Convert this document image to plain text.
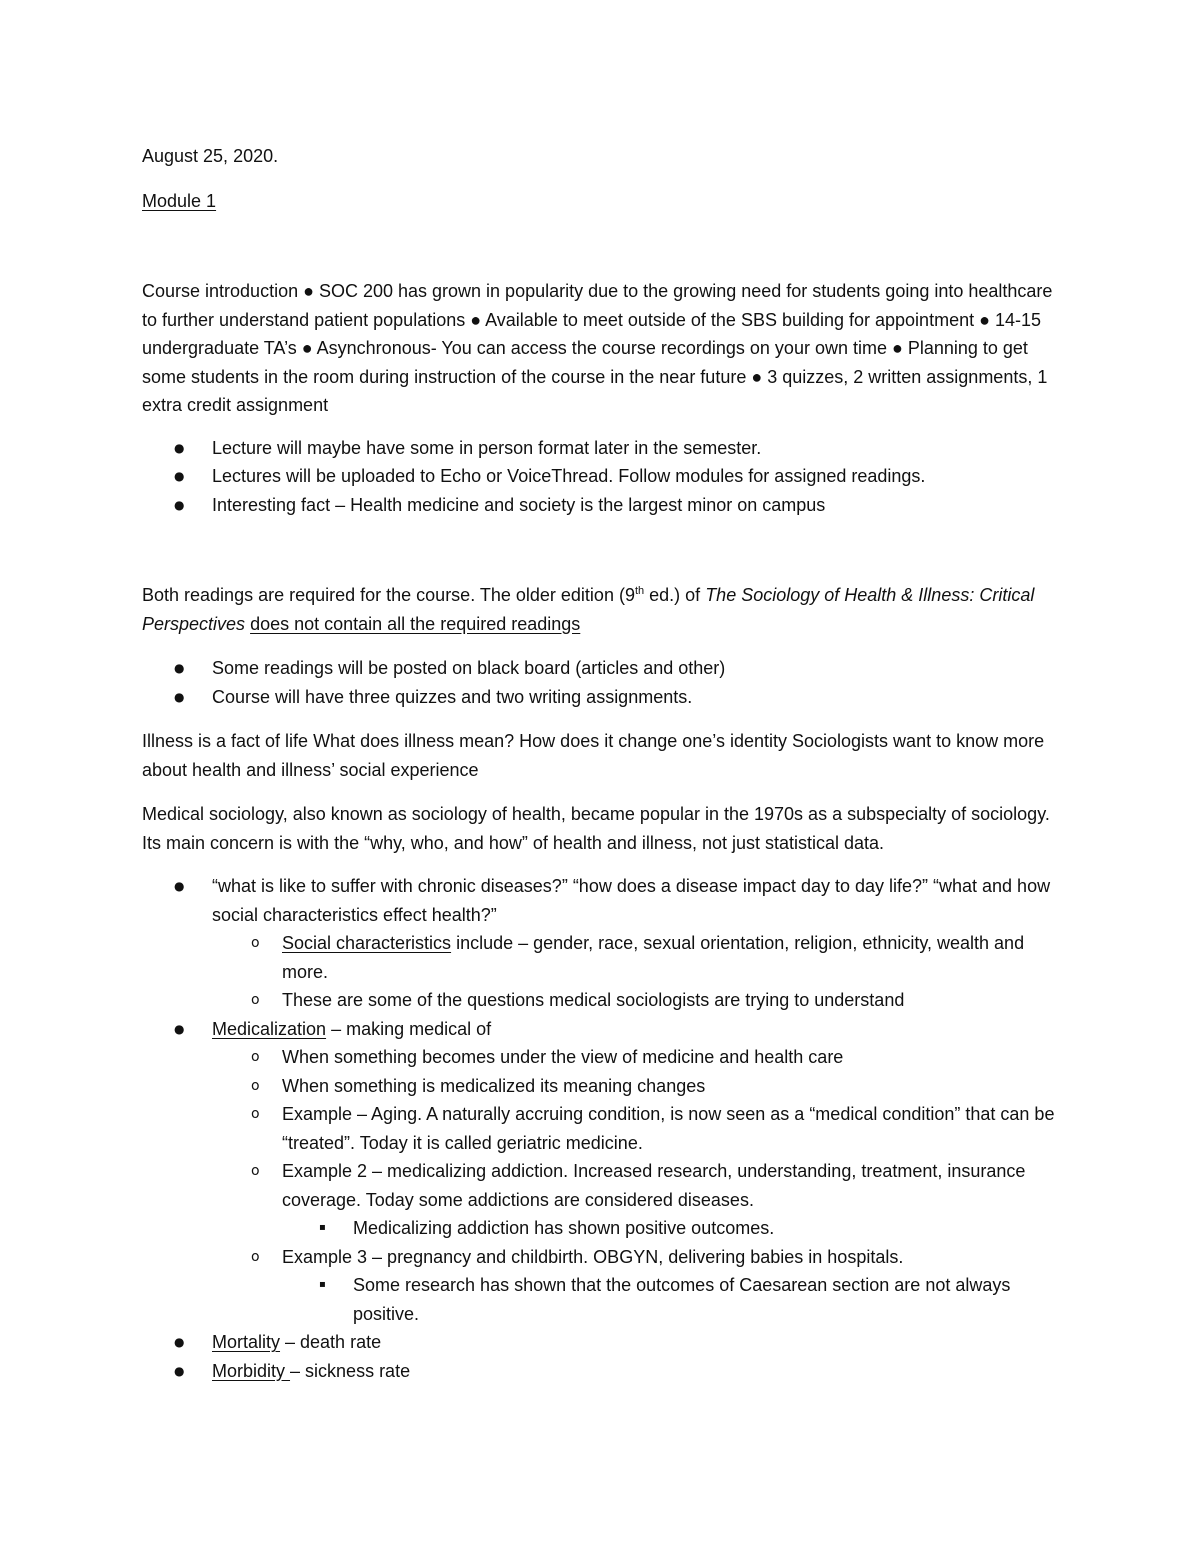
August 25, 2020.

Module 1

Course introduction ● SOC 200 has grown in popularity due to the growing need for students going into healthcare to further understand patient populations ● Available to meet outside of the SBS building for appointment ● 14-15 undergraduate TA’s ● Asynchronous- You can access the course recordings on your own time ● Planning to get some students in the room during instruction of the course in the near future ● 3 quizzes, 2 written assignments, 1 extra credit assignment

● Lecture will maybe have some in person format later in the semester.
● Lectures will be uploaded to Echo or VoiceThread. Follow modules for assigned readings.
● Interesting fact – Health medicine and society is the largest minor on campus

Both readings are required for the course. The older edition (9th ed.) of The Sociology of Health & Illness: Critical Perspectives does not contain all the required readings

● Some readings will be posted on black board (articles and other)
● Course will have three quizzes and two writing assignments.

Illness is a fact of life What does illness mean? How does it change one’s identity Sociologists want to know more about health and illness’ social experience

Medical sociology, also known as sociology of health, became popular in the 1970s as a subspecialty of sociology. Its main concern is with the “why, who, and how” of health and illness, not just statistical data.

● “what is like to suffer with chronic diseases?” “how does a disease impact day to day life?” “what and how social characteristics effect health?”
o Social characteristics include – gender, race, sexual orientation, religion, ethnicity, wealth and more.
o These are some of the questions medical sociologists are trying to understand
● Medicalization – making medical of
o When something becomes under the view of medicine and health care
o When something is medicalized its meaning changes
o Example – Aging. A naturally accruing condition, is now seen as a “medical condition” that can be “treated”. Today it is called geriatric medicine.
o Example 2 – medicalizing addiction. Increased research, understanding, treatment, insurance coverage. Today some addictions are considered diseases.
▪ Medicalizing addiction has shown positive outcomes.
o Example 3 – pregnancy and childbirth. OBGYN, delivering babies in hospitals.
▪ Some research has shown that the outcomes of Caesarean section are not always positive.
● Mortality – death rate
● Morbidity – sickness rate
